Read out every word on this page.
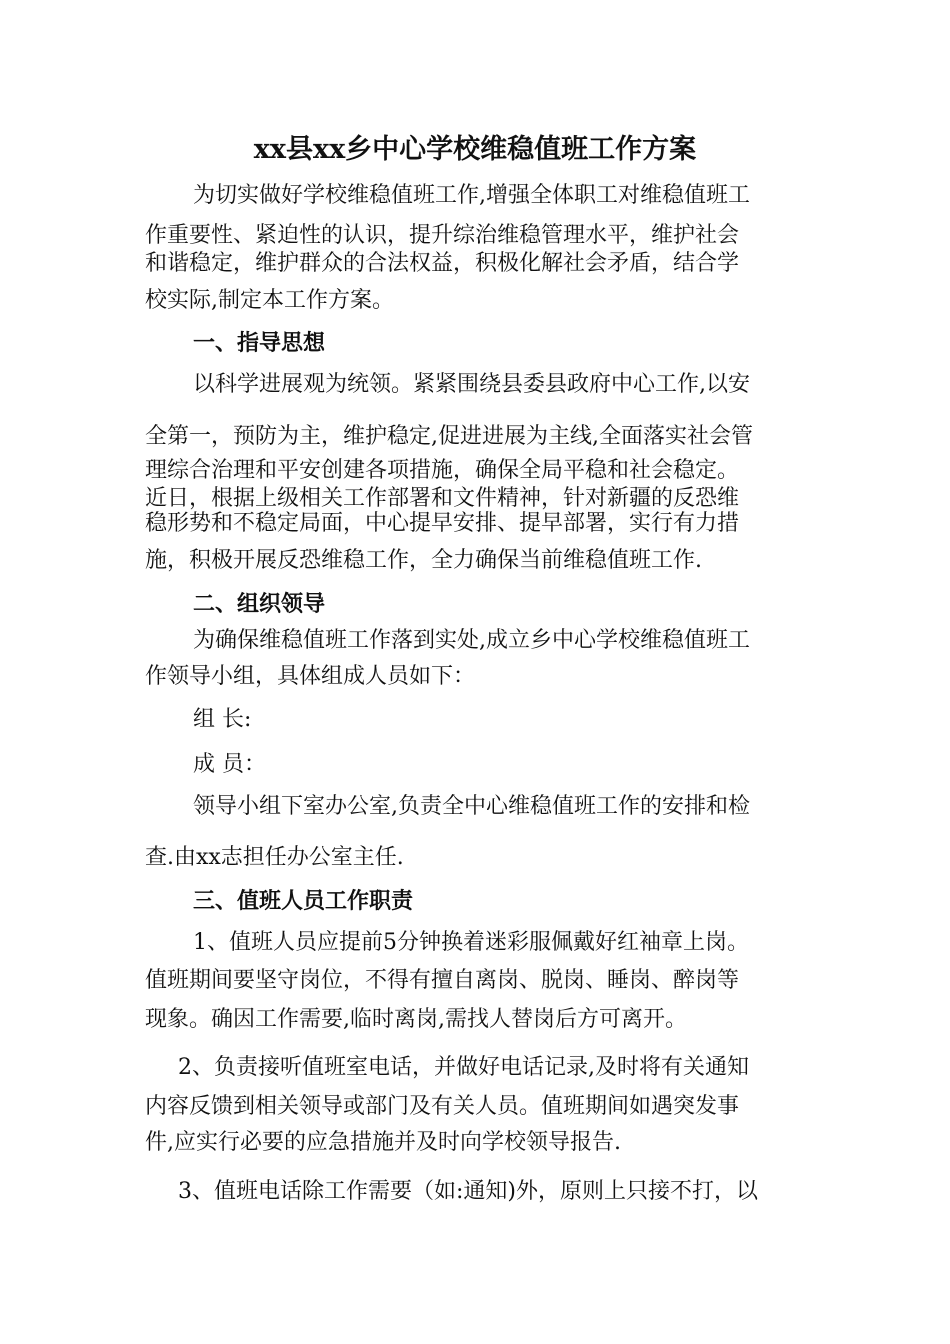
xx县xx乡中心学校维稳值班工作方案
为切实做好学校维稳值班工作,增强全体职工对维稳值班工
作重要性、紧迫性的认识，提升综治维稳管理水平，维护社会
和谐稳定，维护群众的合法权益，积极化解社会矛盾，结合学
校实际,制定本工作方案。
一、指导思想
以科学进展观为统领。紧紧围绕县委县政府中心工作,以安
全第一，预防为主，维护稳定,促进进展为主线,全面落实社会管
理综合治理和平安创建各项措施，确保全局平稳和社会稳定。
近日，根据上级相关工作部署和文件精神，针对新疆的反恐维
稳形势和不稳定局面，中心提早安排、提早部署，实行有力措
施，积极开展反恐维稳工作，全力确保当前维稳值班工作.
二、组织领导
为确保维稳值班工作落到实处,成立乡中心学校维稳值班工
作领导小组，具体组成人员如下：
组 长:
成 员：
领导小组下室办公室,负责全中心维稳值班工作的安排和检
查.由xx志担任办公室主任.
三、值班人员工作职责
1、值班人员应提前5分钟换着迷彩服佩戴好红袖章上岗。
值班期间要坚守岗位，不得有擅自离岗、脱岗、睡岗、醉岗等
现象。确因工作需要,临时离岗,需找人替岗后方可离开。
2、负责接听值班室电话，并做好电话记录,及时将有关通知
内容反馈到相关领导或部门及有关人员。值班期间如遇突发事
件,应实行必要的应急措施并及时向学校领导报告.
3、值班电话除工作需要（如:通知)外，原则上只接不打，以
